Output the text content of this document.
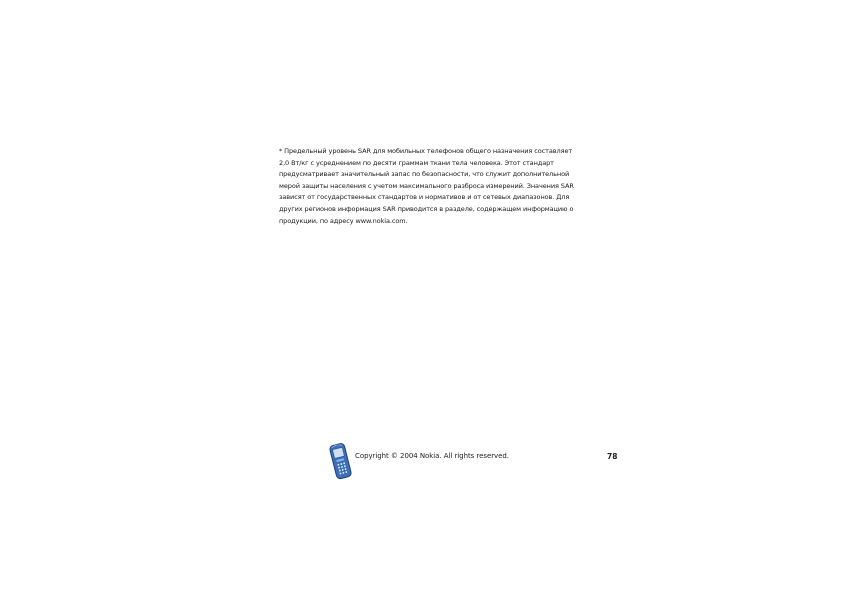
* Предельный уровень SAR для мобильных телефонов общего назначения составляет
2,0 Вт/кг с усреднением по десяти граммам ткани тела человека. Этот стандарт
предусматривает значительный запас по безопасности, что служит дополнительной
мерой защиты населения с учетом максимального разброса измерений. Значения SAR
зависят от государственных стандартов и нормативов и от сетевых диапазонов. Для
других регионов информация SAR приводится в разделе, содержащем информацию о
продукции, по адресу www.nokia.com.
Copyright © 2004 Nokia. All rights reserved.	78
